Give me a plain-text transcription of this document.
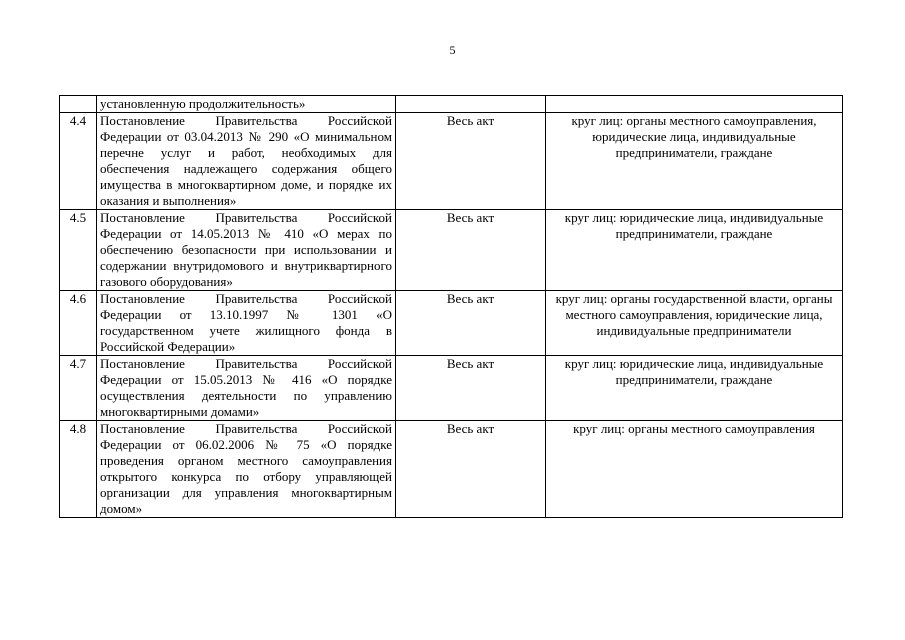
5
	установленную продолжительность»		
4.4	Постановление Правительства Российской Федерации от 03.04.2013 № 290 «О минимальном перечне услуг и работ, необходимых для обеспечения надлежащего содержания общего имущества в многоквартирном доме, и порядке их оказания и выполнения»	Весь акт	круг лиц: органы местного самоуправления, юридические лица, индивидуальные предприниматели, граждане
4.5	Постановление Правительства Российской Федерации от 14.05.2013 № 410 «О мерах по обеспечению безопасности при использовании и содержании внутридомового и внутриквартирного газового оборудования»	Весь акт	круг лиц: юридические лица, индивидуальные предприниматели, граждане
4.6	Постановление Правительства Российской Федерации от 13.10.1997 № 1301 «О государственном учете жилищного фонда в Российской Федерации»	Весь акт	круг лиц: органы государственной власти, органы местного самоуправления, юридические лица, индивидуальные предприниматели
4.7	Постановление Правительства Российской Федерации от 15.05.2013 № 416 «О порядке осуществления деятельности по управлению многоквартирными домами»	Весь акт	круг лиц: юридические лица, индивидуальные предприниматели, граждане
4.8	Постановление Правительства Российской Федерации от 06.02.2006 № 75 «О порядке проведения органом местного самоуправления открытого конкурса по отбору управляющей организации для управления многоквартирным домом»	Весь акт	круг лиц: органы местного самоуправления
